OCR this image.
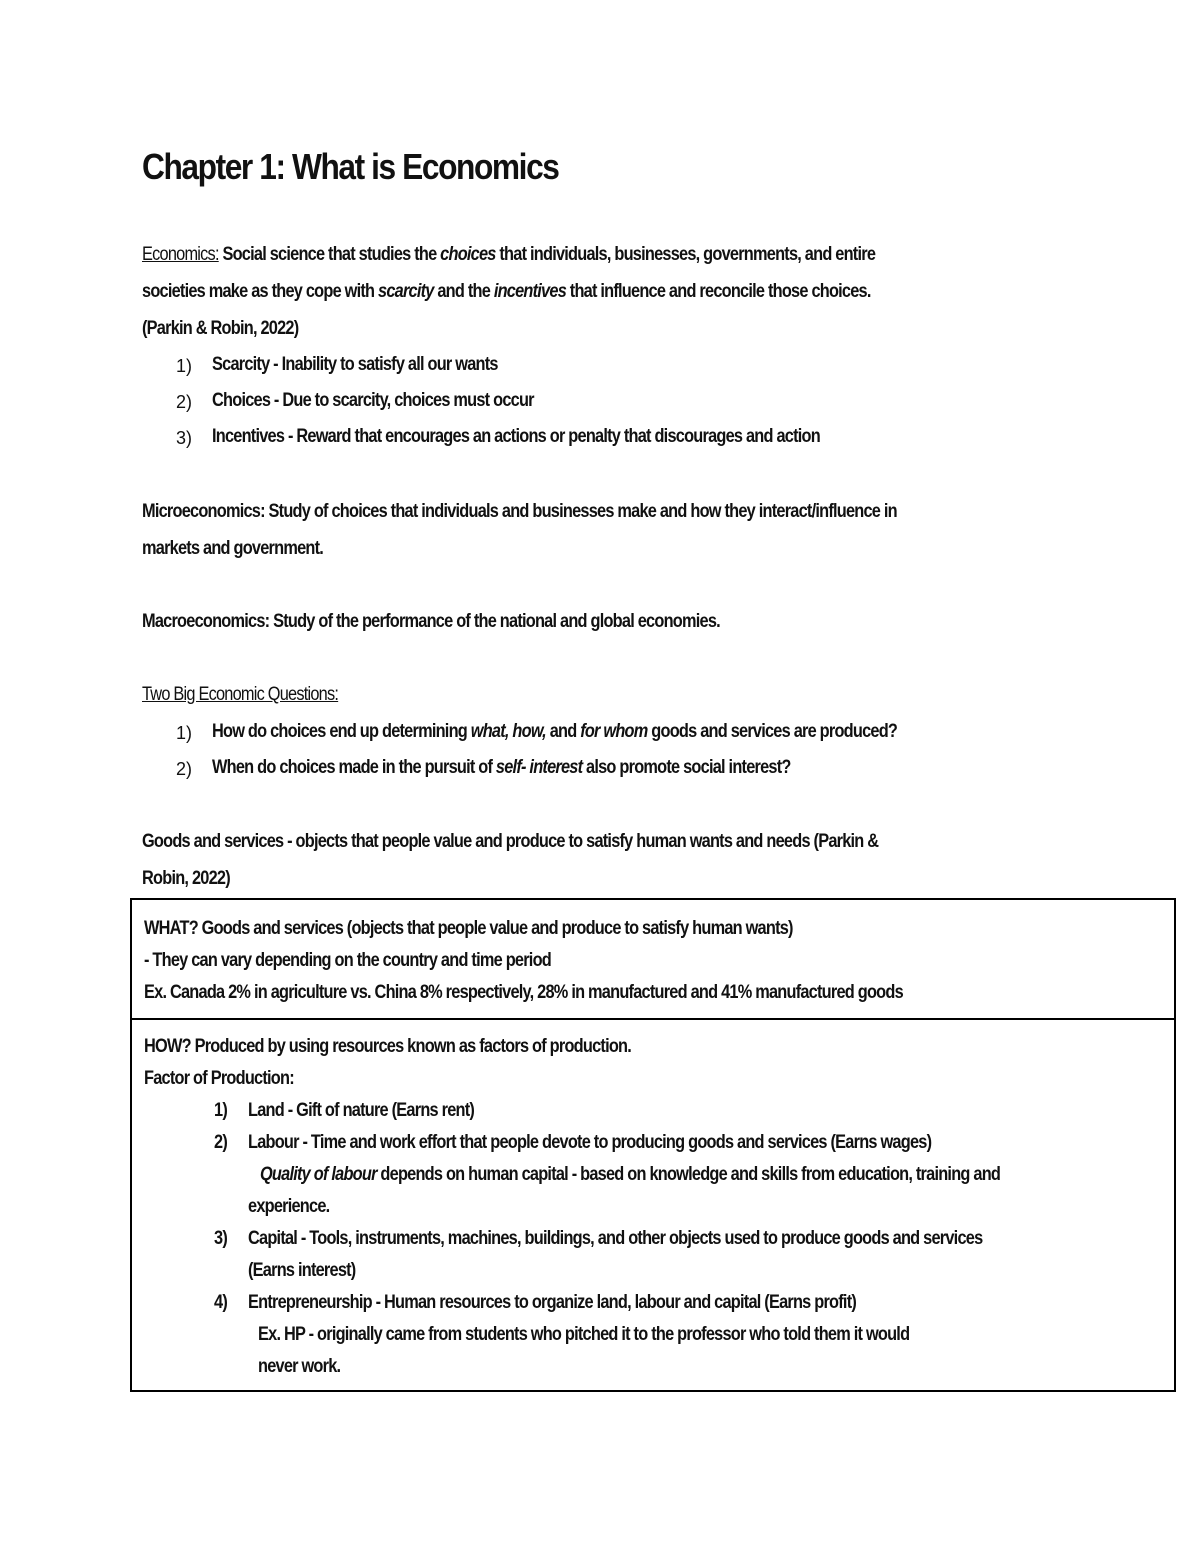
Chapter 1: What is Economics
Economics: Social science that studies the choices that individuals, businesses, governments, and entire
societies make as they cope with scarcity and the incentives that influence and reconcile those choices.
(Parkin & Robin, 2022)
1) Scarcity - Inability to satisfy all our wants
2) Choices - Due to scarcity, choices must occur
3) Incentives - Reward that encourages an actions or penalty that discourages and action
Microeconomics: Study of choices that individuals and businesses make and how they interact/influence in
markets and government.
Macroeconomics: Study of the performance of the national and global economies.
Two Big Economic Questions:
1) How do choices end up determining what, how, and for whom goods and services are produced?
2) When do choices made in the pursuit of self- interest also promote social interest?
Goods and services - objects that people value and produce to satisfy human wants and needs (Parkin &
Robin, 2022)
WHAT? Goods and services (objects that people value and produce to satisfy human wants)
- They can vary depending on the country and time period
Ex. Canada 2% in agriculture vs. China 8% respectively, 28% in manufactured and 41% manufactured goods
HOW? Produced by using resources known as factors of production.
Factor of Production:
1) Land - Gift of nature (Earns rent)
2) Labour - Time and work effort that people devote to producing goods and services (Earns wages)
Quality of labour depends on human capital - based on knowledge and skills from education, training and
experience.
3) Capital - Tools, instruments, machines, buildings, and other objects used to produce goods and services
(Earns interest)
4) Entrepreneurship - Human resources to organize land, labour and capital (Earns profit)
Ex. HP - originally came from students who pitched it to the professor who told them it would
never work.
